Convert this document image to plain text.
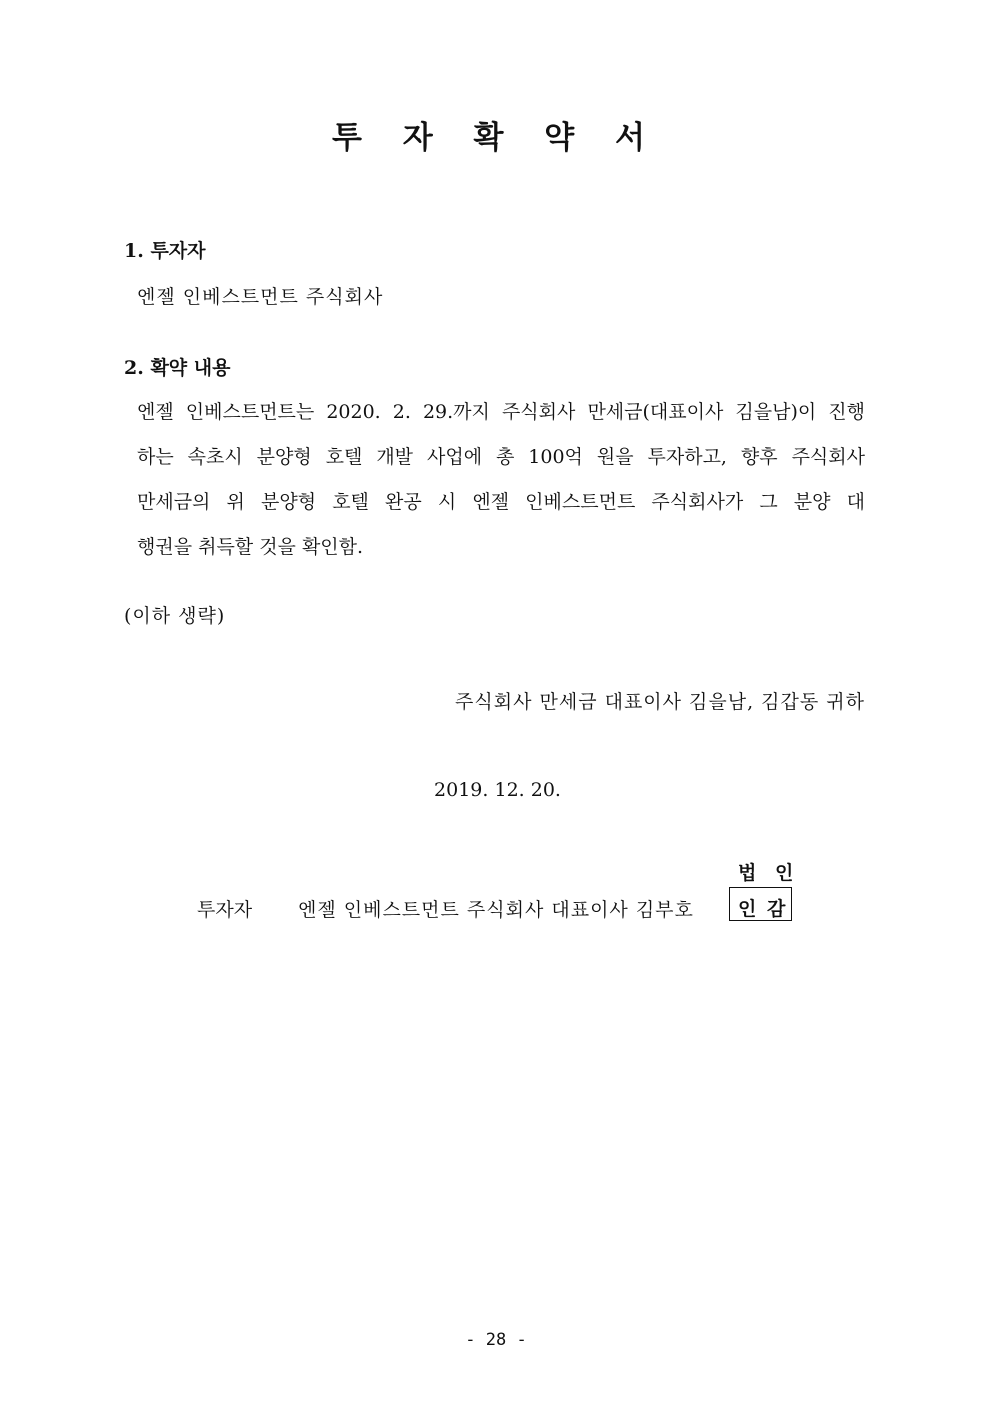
투 자 확 약 서
1. 투자자

엔젤 인베스트먼트 주식회사

2. 확약 내용
엔젤 인베스트먼트는 2020. 2. 29.까지 주식회사 만세금(대표이사 김을남)이 진행
하는 속초시 분양형 호텔 개발 사업에 총 100억 원을 투자하고, 향후 주식회사
만세금의 위 분양형 호텔 완공 시 엔젤 인베스트먼트 주식회사가 그 분양 대
행권을 취득할 것을 확인함.

(이하 생략)

주식회사 만세금 대표이사 김을남, 김갑동 귀하

2019. 12. 20.

투자자 엔젤 인베스트먼트 주식회사 대표이사 김부호
법 인
인 감

- 28 -
